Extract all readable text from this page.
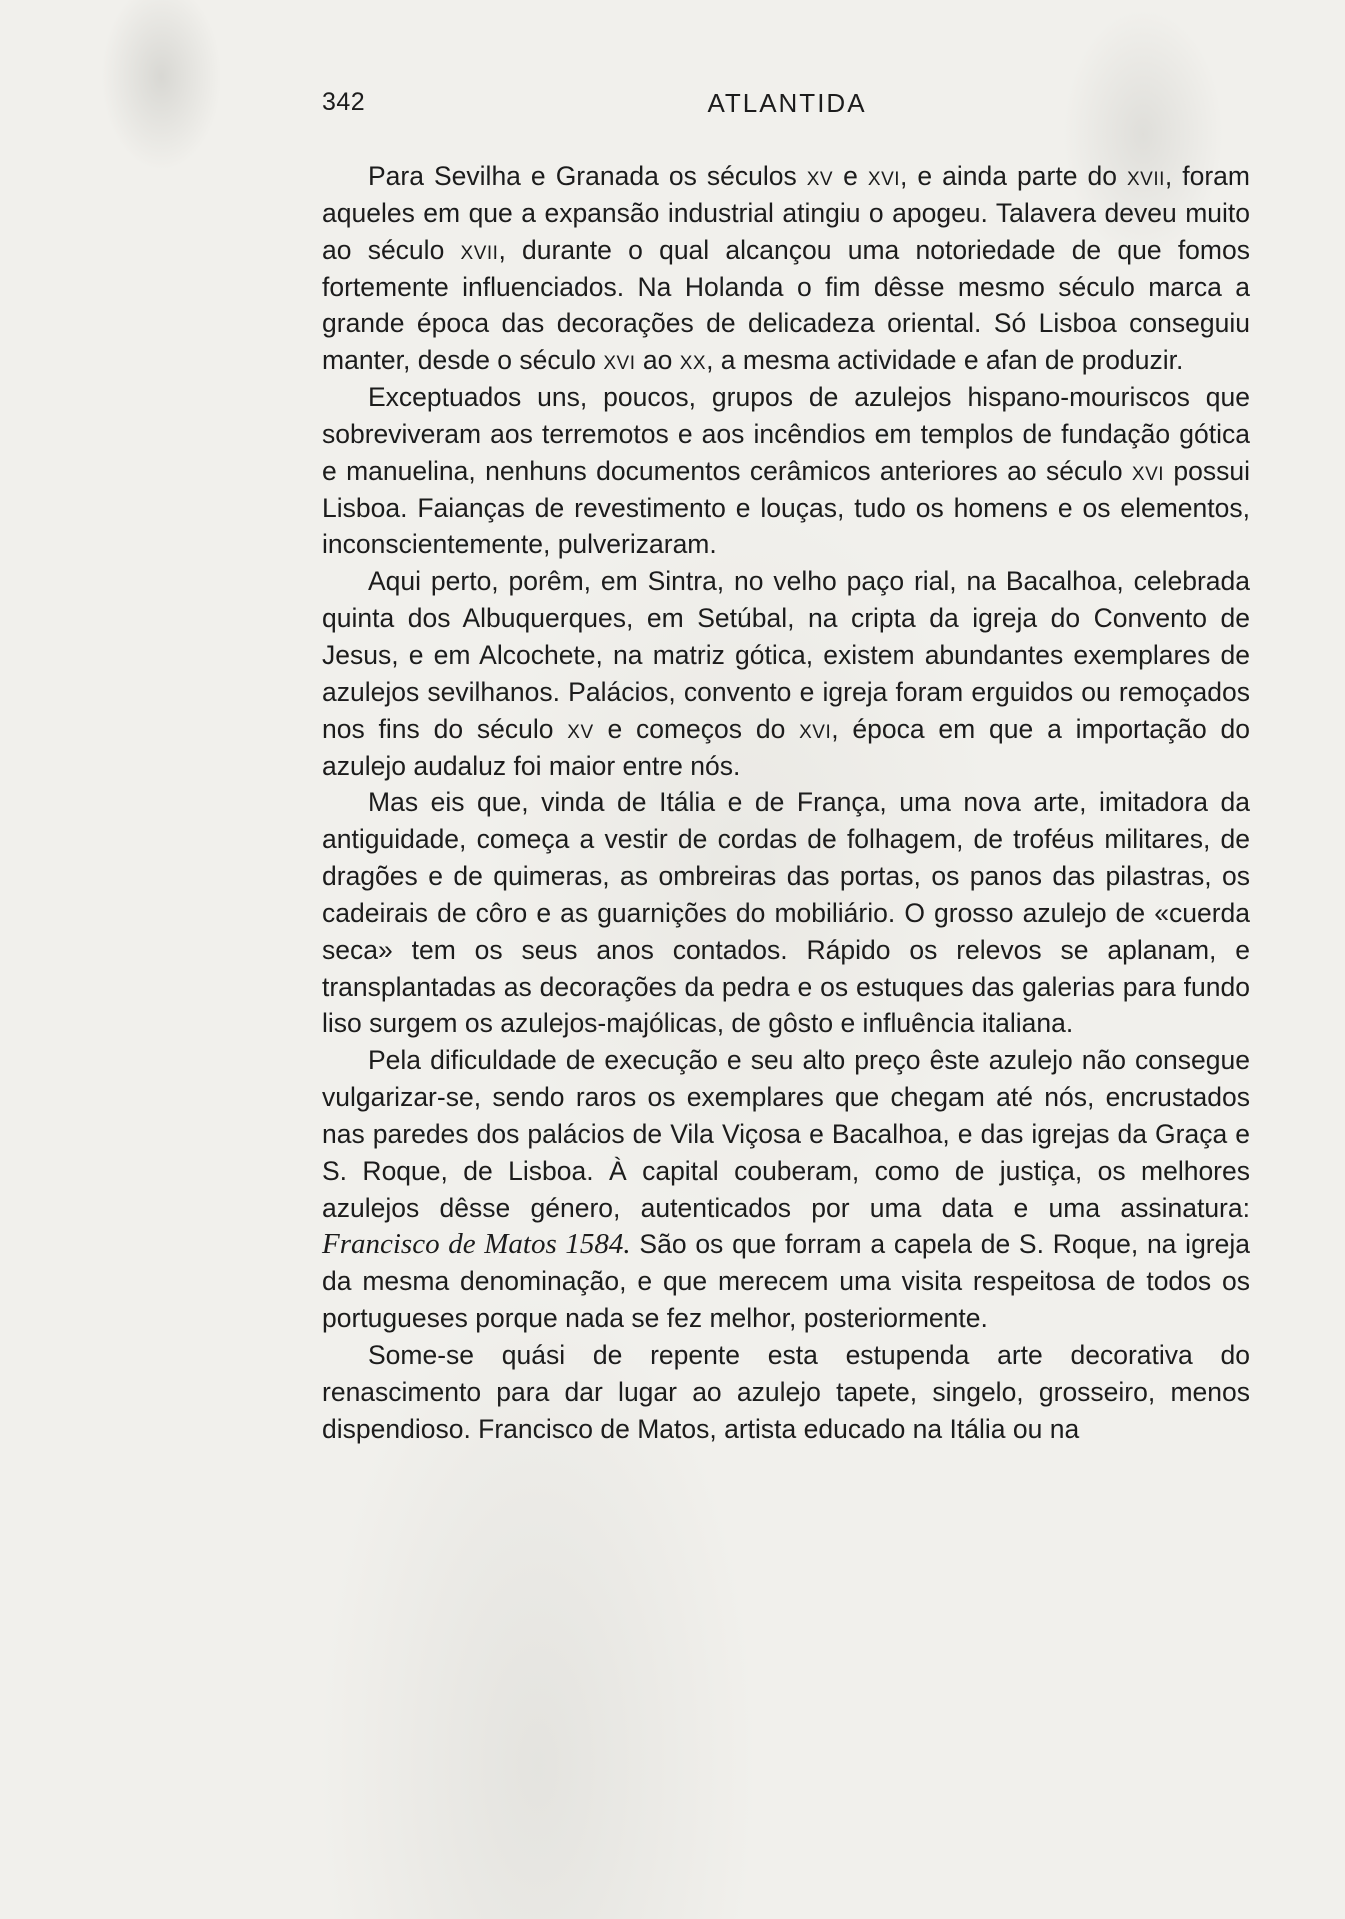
342	ATLANTIDA

Para Sevilha e Granada os séculos xv e xvi, e ainda parte do xvii, foram aqueles em que a expansão industrial atingiu o apogeu. Talavera deveu muito ao século xvii, durante o qual alcançou uma notoriedade de que fomos fortemente influenciados. Na Holanda o fim dêsse mesmo século marca a grande época das decorações de delicadeza oriental. Só Lisboa conseguiu manter, desde o século xvi ao xx, a mesma actividade e afan de produzir.

Exceptuados uns, poucos, grupos de azulejos hispano-mouriscos que sobreviveram aos terremotos e aos incêndios em templos de fundação gótica e manuelina, nenhuns documentos cerâmicos anteriores ao século xvi possui Lisboa. Faianças de revestimento e louças, tudo os homens e os elementos, inconscientemente, pulverizaram.

Aqui perto, porêm, em Sintra, no velho paço rial, na Bacalhoa, celebrada quinta dos Albuquerques, em Setúbal, na cripta da igreja do Convento de Jesus, e em Alcochete, na matriz gótica, existem abundantes exemplares de azulejos sevilhanos. Palácios, convento e igreja foram erguidos ou remoçados nos fins do século xv e começos do xvi, época em que a importação do azulejo audaluz foi maior entre nós.

Mas eis que, vinda de Itália e de França, uma nova arte, imitadora da antiguidade, começa a vestir de cordas de folhagem, de troféus militares, de dragões e de quimeras, as ombreiras das portas, os panos das pilastras, os cadeirais de côro e as guarnições do mobiliário. O grosso azulejo de «cuerda seca» tem os seus anos contados. Rápido os relevos se aplanam, e transplantadas as decorações da pedra e os estuques das galerias para fundo liso surgem os azulejos-majólicas, de gôsto e influência italiana.

Pela dificuldade de execução e seu alto preço êste azulejo não consegue vulgarizar-se, sendo raros os exemplares que chegam até nós, encrustados nas paredes dos palácios de Vila Viçosa e Bacalhoa, e das igrejas da Graça e S. Roque, de Lisboa. À capital couberam, como de justiça, os melhores azulejos dêsse género, autenticados por uma data e uma assinatura: Francisco de Matos 1584. São os que forram a capela de S. Roque, na igreja da mesma denominação, e que merecem uma visita respeitosa de todos os portugueses porque nada se fez melhor, posteriormente.

Some-se quási de repente esta estupenda arte decorativa do renascimento para dar lugar ao azulejo tapete, singelo, grosseiro, menos dispendioso. Francisco de Matos, artista educado na Itália ou na
